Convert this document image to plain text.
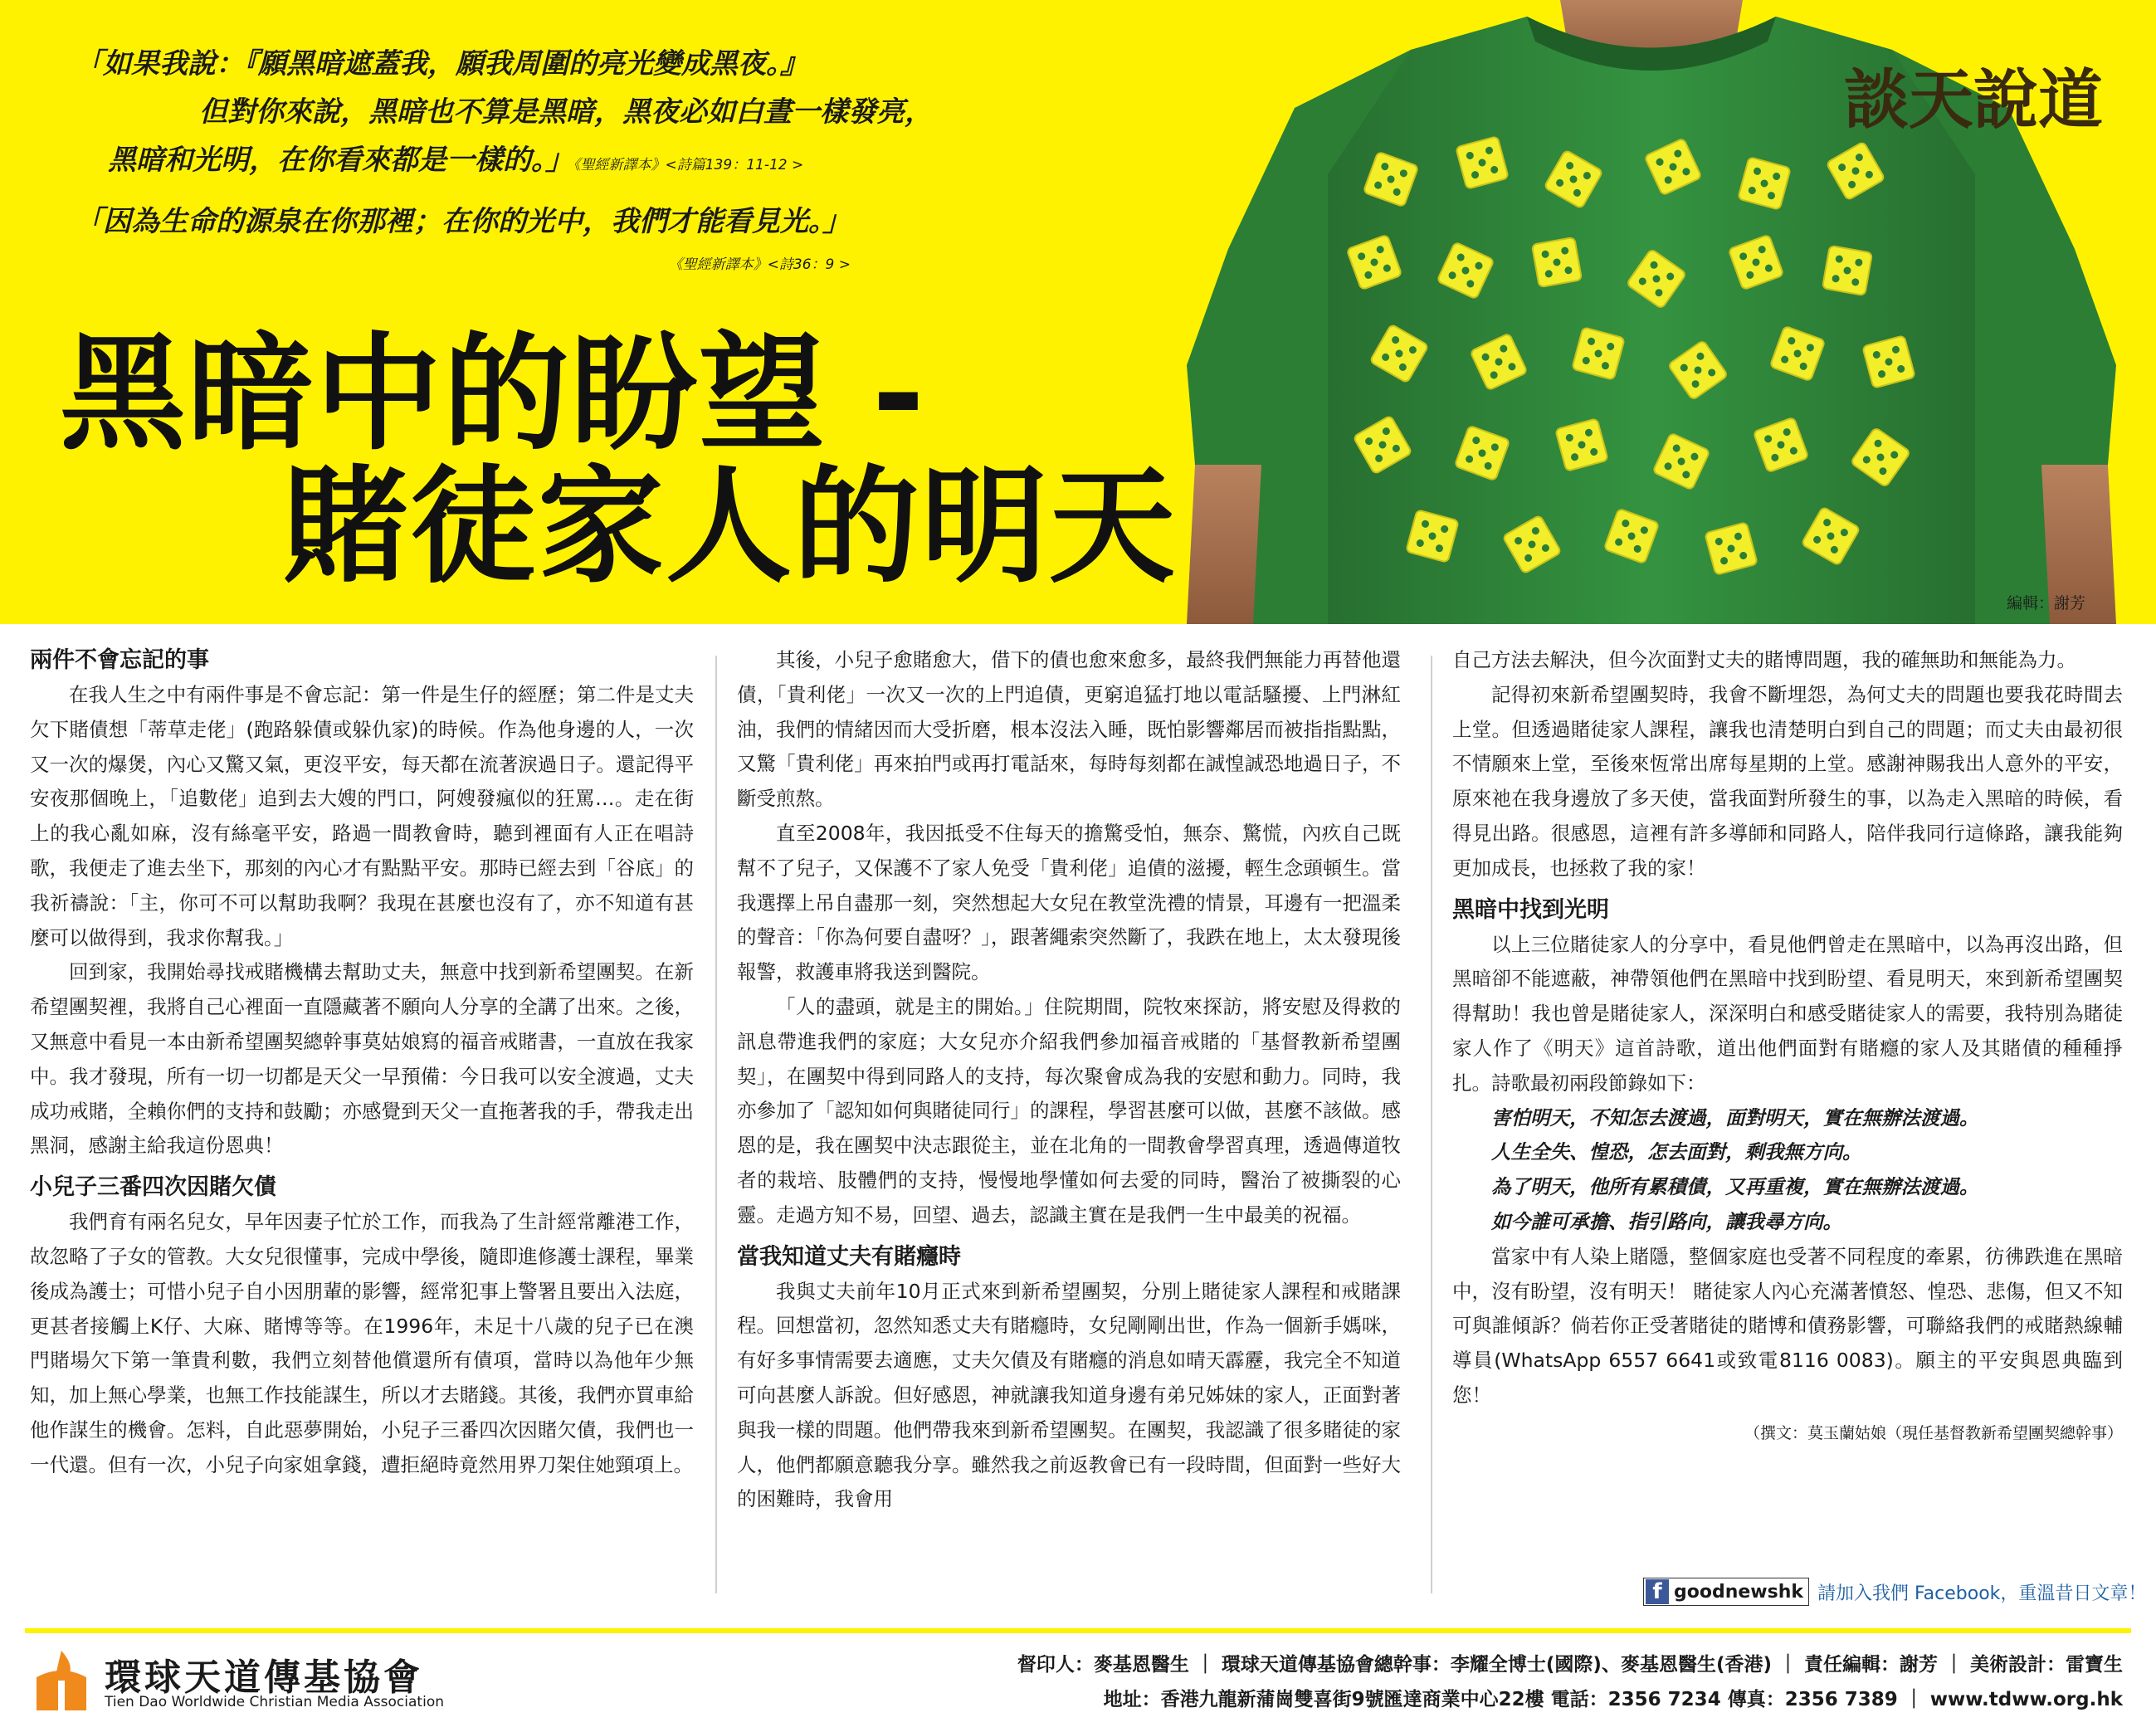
「如果我說：『願黑暗遮蓋我，願我周圍的亮光變成黑夜。』
但對你來說，黑暗也不算是黑暗，黑夜必如白晝一樣發亮，
黑暗和光明，在你看來都是一樣的。」《聖經新譯本》<詩篇139：11-12 >
「因為生命的源泉在你那裡；在你的光中，我們才能看見光。」
《聖經新譯本》<詩36：9 >
黑暗中的盼望 -
賭徒家人的明天
談天說道
編輯：謝芳
兩件不會忘記的事

在我人生之中有兩件事是不會忘記：第一件是生仔的經歷；第二件是丈夫欠下賭債想「蒂草走佬」(跑路躲債或躲仇家)的時候。作為他身邊的人，一次又一次的爆煲，內心又驚又氣，更沒平安，每天都在流著淚過日子。還記得平安夜那個晚上，「追數佬」追到去大嫂的門口，阿嫂發瘋似的狂罵…。走在街上的我心亂如麻，沒有絲毫平安，路過一間教會時，聽到裡面有人正在唱詩歌，我便走了進去坐下，那刻的內心才有點點平安。那時已經去到「谷底」的我祈禱說：「主，你可不可以幫助我啊？我現在甚麼也沒有了，亦不知道有甚麼可以做得到，我求你幫我。」

回到家，我開始尋找戒賭機構去幫助丈夫，無意中找到新希望團契。在新希望團契裡，我將自己心裡面一直隱藏著不願向人分享的全講了出來。之後，又無意中看見一本由新希望團契總幹事莫姑娘寫的福音戒賭書，一直放在我家中。我才發現，所有一切一切都是天父一早預備：今日我可以安全渡過，丈夫成功戒賭，全賴你們的支持和鼓勵；亦感覺到天父一直拖著我的手，帶我走出黑洞，感謝主給我這份恩典！

小兒子三番四次因賭欠債

我們育有兩名兒女，早年因妻子忙於工作，而我為了生計經常離港工作，故忽略了子女的管教。大女兒很懂事，完成中學後，隨即進修護士課程，畢業後成為護士；可惜小兒子自小因朋輩的影響，經常犯事上警署且要出入法庭，更甚者接觸上K仔、大麻、賭博等等。在1996年，未足十八歲的兒子已在澳門賭場欠下第一筆貴利數，我們立刻替他償還所有債項，當時以為他年少無知，加上無心學業，也無工作技能謀生，所以才去賭錢。其後，我們亦買車給他作謀生的機會。怎料，自此惡夢開始，小兒子三番四次因賭欠債，我們也一一代還。但有一次，小兒子向家姐拿錢，遭拒絕時竟然用界刀架住她頸項上。

其後，小兒子愈賭愈大，借下的債也愈來愈多，最終我們無能力再替他還債，「貴利佬」一次又一次的上門追債，更窮追猛打地以電話騷擾、上門淋紅油，我們的情緒因而大受折磨，根本沒法入睡，既怕影響鄰居而被指指點點，又驚「貴利佬」再來拍門或再打電話來，每時每刻都在誠惶誠恐地過日子，不斷受煎熬。

直至2008年，我因抵受不住每天的擔驚受怕，無奈、驚慌，內疚自己既幫不了兒子，又保護不了家人免受「貴利佬」追債的滋擾，輕生念頭頓生。當我選擇上吊自盡那一刻，突然想起大女兒在教堂洗禮的情景，耳邊有一把溫柔的聲音：「你為何要自盡呀？」，跟著繩索突然斷了，我跌在地上，太太發現後報警，救護車將我送到醫院。

「人的盡頭，就是主的開始。」住院期間，院牧來探訪，將安慰及得救的訊息帶進我們的家庭；大女兒亦介紹我們參加福音戒賭的「基督教新希望團契」，在團契中得到同路人的支持，每次聚會成為我的安慰和動力。同時，我亦參加了「認知如何與賭徒同行」的課程，學習甚麼可以做，甚麼不該做。感恩的是，我在團契中決志跟從主，並在北角的一間教會學習真理，透過傳道牧者的栽培、肢體們的支持，慢慢地學懂如何去愛的同時，醫治了被撕裂的心靈。走過方知不易，回望、過去，認識主實在是我們一生中最美的祝福。

當我知道丈夫有賭癮時

我與丈夫前年10月正式來到新希望團契，分別上賭徒家人課程和戒賭課程。回想當初，忽然知悉丈夫有賭癮時，女兒剛剛出世，作為一個新手媽咪，有好多事情需要去適應，丈夫欠債及有賭癮的消息如晴天霹靂，我完全不知道可向甚麼人訴說。但好感恩，神就讓我知道身邊有弟兄姊妹的家人，正面對著與我一樣的問題。他們帶我來到新希望團契。在團契，我認識了很多賭徒的家人，他們都願意聽我分享。雖然我之前返教會已有一段時間，但面對一些好大的困難時，我會用

自己方法去解決，但今次面對丈夫的賭博問題，我的確無助和無能為力。

記得初來新希望團契時，我會不斷埋怨，為何丈夫的問題也要我花時間去上堂。但透過賭徒家人課程，讓我也清楚明白到自己的問題；而丈夫由最初很不情願來上堂，至後來恆常出席每星期的上堂。感謝神賜我出人意外的平安，原來祂在我身邊放了多天使，當我面對所發生的事，以為走入黑暗的時候，看得見出路。很感恩，這裡有許多導師和同路人，陪伴我同行這條路，讓我能夠更加成長，也拯救了我的家！

黑暗中找到光明

以上三位賭徒家人的分享中，看見他們曾走在黑暗中，以為再沒出路，但黑暗卻不能遮蔽，神帶領他們在黑暗中找到盼望、看見明天，來到新希望團契得幫助！我也曾是賭徒家人，深深明白和感受賭徒家人的需要，我特別為賭徒家人作了《明天》這首詩歌，道出他們面對有賭癮的家人及其賭債的種種掙扎。詩歌最初兩段節錄如下：

害怕明天，不知怎去渡過，面對明天，實在無辦法渡過。

人生全失、惶恐，怎去面對，剩我無方向。

為了明天，他所有累積債，又再重複，實在無辦法渡過。

如今誰可承擔、指引路向，讓我尋方向。

當家中有人染上賭隱，整個家庭也受著不同程度的牽累，彷彿跌進在黑暗中，沒有盼望，沒有明天！ 賭徒家人內心充滿著憤怒、惶恐、悲傷，但又不知可與誰傾訴？倘若你正受著賭徒的賭博和債務影響，可聯絡我們的戒賭熱線輔導員(WhatsApp 6557 6641或致電8116 0083)。願主的平安與恩典臨到您！

（撰文：莫玉蘭姑娘（現任基督教新希望團契總幹事）

f goodnewshk 請加入我們 Facebook，重溫昔日文章！
環球天道傳基協會
Tien Dao Worldwide Christian Media Association
督印人：麥基恩醫生 ｜ 環球天道傳基協會總幹事：李耀全博士(國際)、麥基恩醫生(香港) ｜ 責任編輯：謝芳 ｜ 美術設計：雷寶生
地址：香港九龍新蒲崗雙喜街9號匯達商業中心22樓 電話：2356 7234 傳真：2356 7389 ｜ www.tdww.org.hk
